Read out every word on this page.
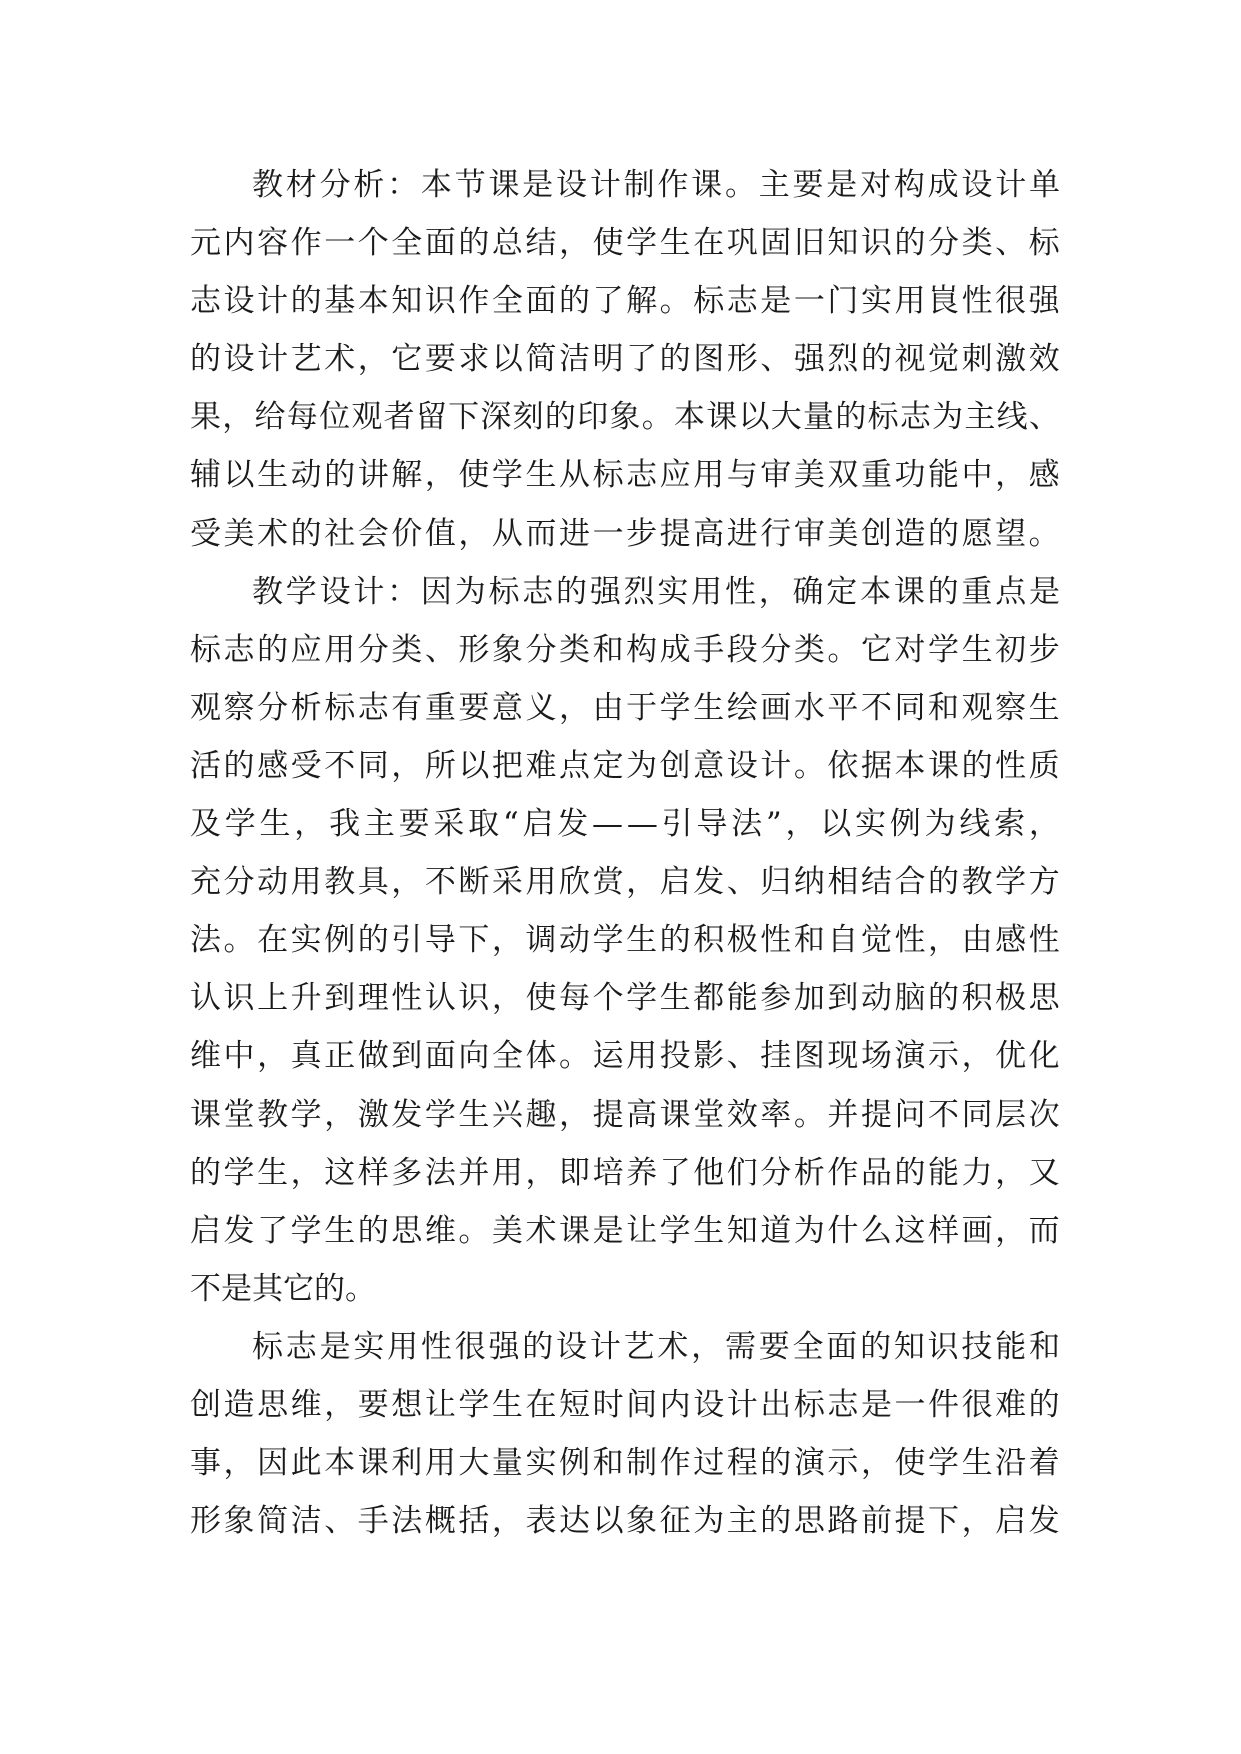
教 材 分 析 ： 本 节 课 是 设 计 制 作 课 。 主 要 是 对 构 成 设 计 单
元 内 容 作 一 个 全 面 的 总 结 ， 使 学 生 在 巩 固 旧 知 识 的 分 类 、 标
志 设 计 的 基 本 知 识 作 全 面 的 了 解 。 标 志 是 一 门 实 用 峎 性 很 强
的 设 计 艺 术 ， 它 要 求 以 简 洁 明 了 的 图 形 、 强 烈 的 视 觉 刺 激 效
果 ， 给 每 位 观 者 留 下 深 刻 的 印 象 。 本 课 以 大 量 的 标 志 为 主 线 、
辅 以 生 动 的 讲 解 ， 使 学 生 从 标 志 应 用 与 审 美 双 重 功 能 中 ， 感
受 美 术 的 社 会 价 值 ， 从 而 进 一 步 提 高 进 行 审 美 创 造 的 愿 望 。
教 学 设 计 ： 因 为 标 志 的 强 烈 实 用 性 ， 确 定 本 课 的 重 点 是
标 志 的 应 用 分 类 、 形 象 分 类 和 构 成 手 段 分 类 。 它 对 学 生 初 步
观 察 分 析 标 志 有 重 要 意 义 ， 由 于 学 生 绘 画 水 平 不 同 和 观 察 生
活 的 感 受 不 同 ， 所 以 把 难 点 定 为 创 意 设 计 。 依 据 本 课 的 性 质
及 学 生 ， 我 主 要 采 取 “ 启 发 — — 引 导 法 ” ， 以 实 例 为 线 索 ，
充 分 动 用 教 具 ， 不 断 采 用 欣 赏 ， 启 发 、 归 纳 相 结 合 的 教 学 方
法 。 在 实 例 的 引 导 下 ， 调 动 学 生 的 积 极 性 和 自 觉 性 ， 由 感 性
认 识 上 升 到 理 性 认 识 ， 使 每 个 学 生 都 能 参 加 到 动 脑 的 积 极 思
维 中 ， 真 正 做 到 面 向 全 体 。 运 用 投 影 、 挂 图 现 场 演 示 ， 优 化
课 堂 教 学 ， 激 发 学 生 兴 趣 ， 提 高 课 堂 效 率 。 并 提 问 不 同 层 次
的 学 生 ， 这 样 多 法 并 用 ， 即 培 养 了 他 们 分 析 作 品 的 能 力 ， 又
启 发 了 学 生 的 思 维 。 美 术 课 是 让 学 生 知 道 为 什 么 这 样 画 ， 而
不 是 其 它 的 。
标 志 是 实 用 性 很 强 的 设 计 艺 术 ， 需 要 全 面 的 知 识 技 能 和
创 造 思 维 ， 要 想 让 学 生 在 短 时 间 内 设 计 出 标 志 是 一 件 很 难 的
事 ， 因 此 本 课 利 用 大 量 实 例 和 制 作 过 程 的 演 示 ， 使 学 生 沿 着
形 象 简 洁 、 手 法 概 括 ， 表 达 以 象 征 为 主 的 思 路 前 提 下 ， 启 发
